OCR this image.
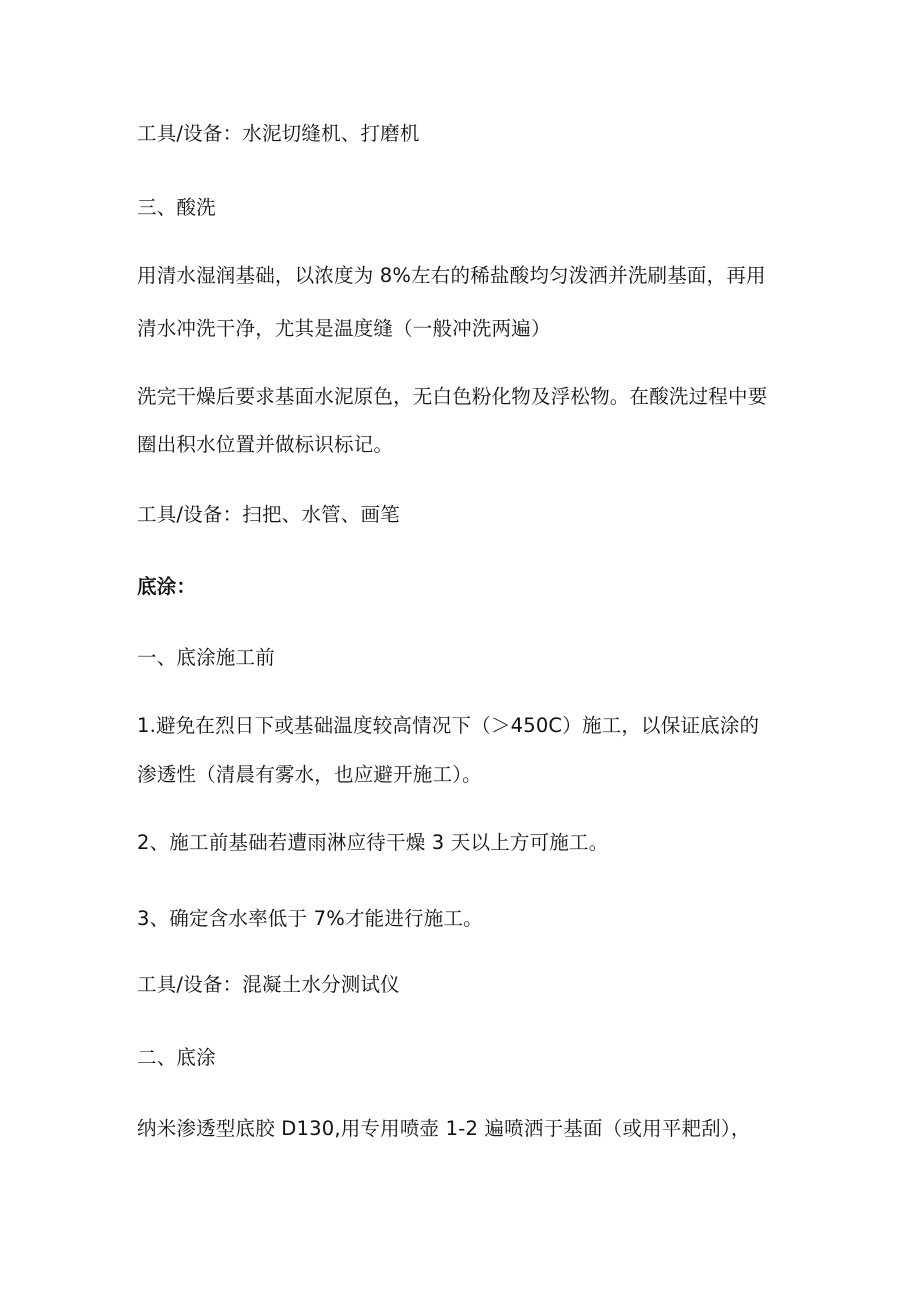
工具/设备：水泥切缝机、打磨机
三、酸洗
用清水湿润基础，以浓度为 8%左右的稀盐酸均匀泼洒并洗刷基面，再用
清水冲洗干净，尤其是温度缝（一般冲洗两遍）
洗完干燥后要求基面水泥原色，无白色粉化物及浮松物。在酸洗过程中要
圈出积水位置并做标识标记。
工具/设备：扫把、水管、画笔
底涂：
一、底涂施工前
1.避免在烈日下或基础温度较高情况下（＞450C）施工，以保证底涂的
渗透性（清晨有雾水，也应避开施工）。
2、施工前基础若遭雨淋应待干燥 3 天以上方可施工。
3、确定含水率低于 7%才能进行施工。
工具/设备：混凝土水分测试仪
二、底涂
纳米渗透型底胶 D130,用专用喷壶 1-2 遍喷洒于基面（或用平耙刮），
